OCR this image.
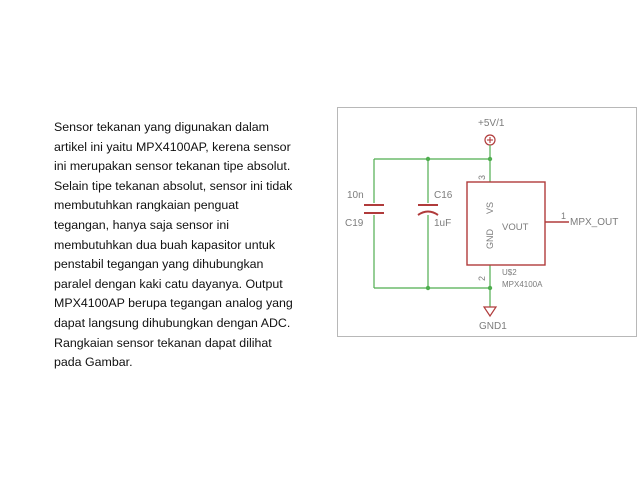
Sensor tekanan yang digunakan dalam
artikel ini yaitu MPX4100AP, kerena sensor
ini merupakan sensor tekanan tipe absolut.
Selain tipe tekanan absolut, sensor ini tidak
membutuhkan rangkaian penguat
tegangan, hanya saja sensor ini
membutuhkan dua buah kapasitor untuk
penstabil tegangan yang dihubungkan
paralel dengan kaki catu dayanya. Output
MPX4100AP berupa tegangan analog yang
dapat langsung dihubungkan dengan ADC.
Rangkaian sensor tekanan dapat dilihat
pada Gambar.

+5V/1
10n
C19
C16
1uF
3
VS
GND
2
VOUT
U$2
MPX4100A
1
MPX_OUT
GND1
